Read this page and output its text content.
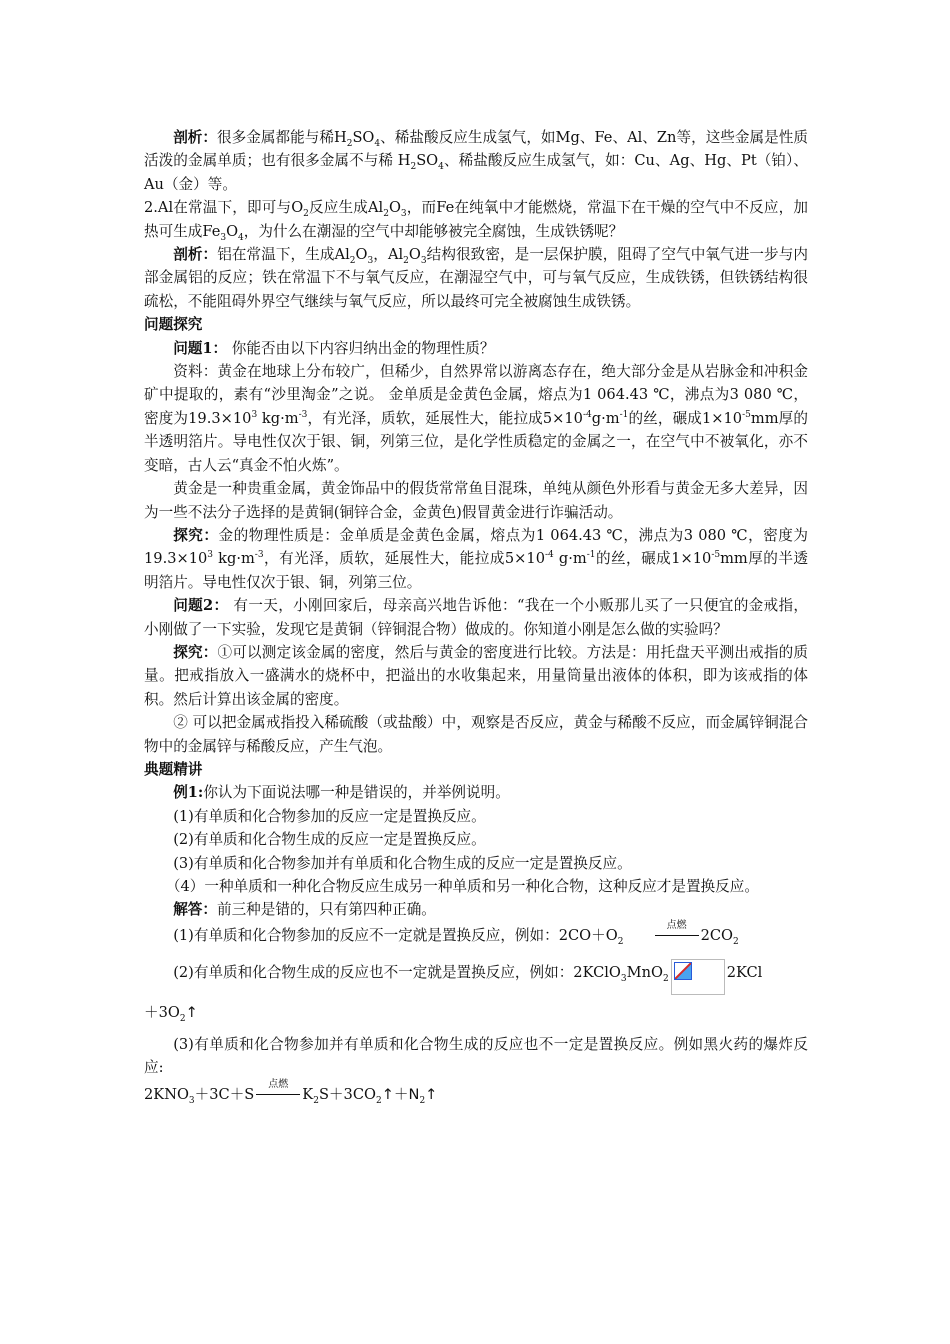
剖析：很多金属都能与稀$H_2SO_4$、稀盐酸反应生成氢气，如Mg、Fe、Al、Zn等，这些金属是性质活泼的金属单质；也有很多金属不与稀 $H_2SO_4$、稀盐酸反应生成氢气，如：Cu、Ag、Hg、Pt（铂）、Au（金）等。

2.Al在常温下，即可与$O_2$反应生成$Al_2O_3$，而Fe在纯氧中才能燃烧，常温下在干燥的空气中不反应，加热可生成$Fe_3O_4$，为什么在潮湿的空气中却能够被完全腐蚀，生成铁锈呢？

剖析：铝在常温下，生成$Al_2O_3$，$Al_2O_3$结构很致密，是一层保护膜，阻碍了空气中氧气进一步与内部金属铝的反应；铁在常温下不与氧气反应，在潮湿空气中，可与氧气反应，生成铁锈，但铁锈结构很疏松，不能阻碍外界空气继续与氧气反应，所以最终可完全被腐蚀生成铁锈。

问题探究

问题1： 你能否由以下内容归纳出金的物理性质？

资料：黄金在地球上分布较广，但稀少，自然界常以游离态存在，绝大部分金是从岩脉金和冲积金矿中提取的，素有“沙里淘金”之说。 金单质是金黄色金属，熔点为1 064.43 ℃，沸点为3 080 ℃，密度为$19.3\times 10^3$ $kg\cdot m^{-3}$，有光泽，质软，延展性大，能拉成$5\times 10^{-4}g\cdot m^{-1}$的丝，碾成$1\times 10^{-5}mm$厚的半透明箔片。导电性仅次于银、铜，列第三位，是化学性质稳定的金属之一，在空气中不被氧化，亦不变暗，古人云“真金不怕火炼”。

黄金是一种贵重金属，黄金饰品中的假货常常鱼目混珠，单纯从颜色外形看与黄金无多大差异，因为一些不法分子选择的是黄铜(铜锌合金，金黄色)假冒黄金进行诈骗活动。

探究：金的物理性质是：金单质是金黄色金属，熔点为1 064.43 ℃，沸点为3 080 ℃，密度为$19.3\times 10^3$ $kg\cdot m^{-3}$，有光泽，质软，延展性大，能拉成$5\times 10^{-4}$ $g\cdot m^{-1}$的丝，碾成$1\times 10^{-5}mm$厚的半透明箔片。导电性仅次于银、铜，列第三位。

问题2： 有一天，小刚回家后，母亲高兴地告诉他：“我在一个小贩那儿买了一只便宜的金戒指，小刚做了一下实验，发现它是黄铜（锌铜混合物）做成的。你知道小刚是怎么做的实验吗？

探究：①可以测定该金属的密度，然后与黄金的密度进行比较。方法是：用托盘天平测出戒指的质量。把戒指放入一盛满水的烧杯中，把溢出的水收集起来，用量筒量出液体的体积，即为该戒指的体积。然后计算出该金属的密度。

② 可以把金属戒指投入稀硫酸（或盐酸）中，观察是否反应，黄金与稀酸不反应，而金属锌铜混合物中的金属锌与稀酸反应，产生气泡。

典题精讲

例1:你认为下面说法哪一种是错误的，并举例说明。

(1)有单质和化合物参加的反应一定是置换反应。

(2)有单质和化合物生成的反应一定是置换反应。

(3)有单质和化合物参加并有单质和化合物生成的反应一定是置换反应。

（4）一种单质和一种化合物反应生成另一种单质和另一种化合物，这种反应才是置换反应。

解答：前三种是错的，只有第四种正确。

(1)有单质和化合物参加的反应不一定就是置换反应，例如：$2CO+O_2$
点燃
$2CO_2$

(2)有单质和化合物生成的反应也不一定就是置换反应，例如：2KClO$_3$MnO$_2$	2KCl

$+3O_2↑$

(3)有单质和化合物参加并有单质和化合物生成的反应也不一定是置换反应。例如黑火药的爆炸反应:

$2KNO_3+3C+S$
点燃
$K_2S+3CO_2↑+N_2↑$
